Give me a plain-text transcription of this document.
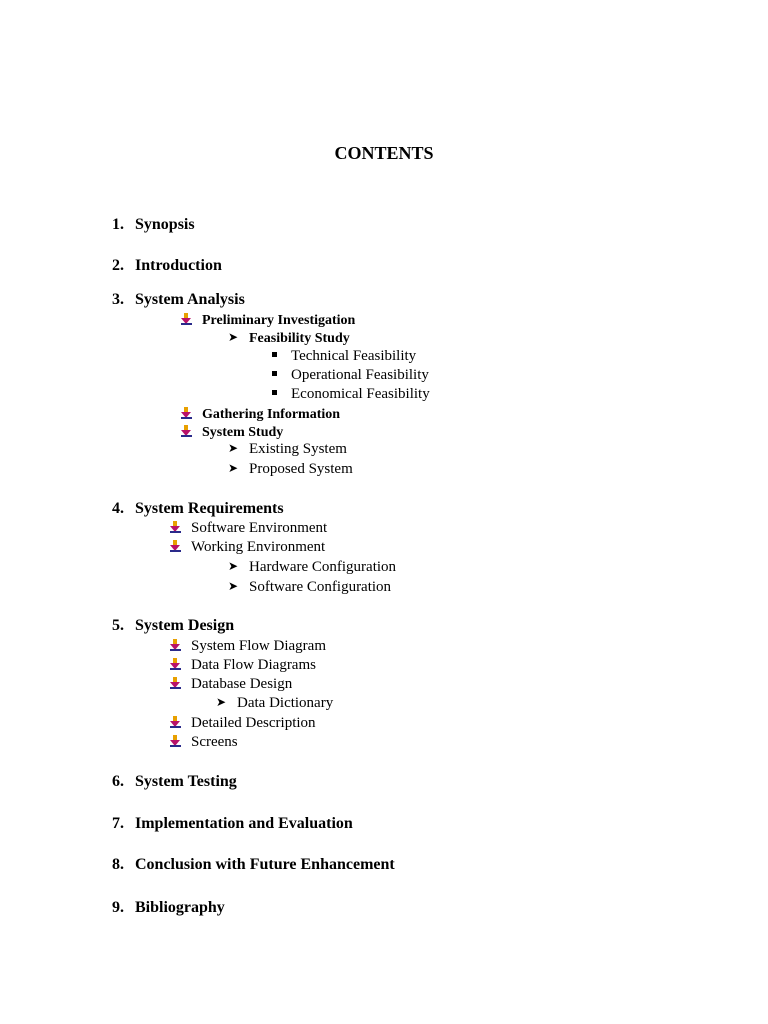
CONTENTS
1. Synopsis
2. Introduction
3. System Analysis
Preliminary Investigation
➤ Feasibility Study
Technical Feasibility
Operational Feasibility
Economical Feasibility
Gathering Information
System Study
➤ Existing System
➤ Proposed System
4. System Requirements
Software Environment
Working Environment
➤ Hardware Configuration
➤ Software Configuration
5. System Design
System Flow Diagram
Data Flow Diagrams
Database Design
➤ Data Dictionary
Detailed Description
Screens
6. System Testing
7. Implementation and Evaluation
8. Conclusion with Future Enhancement
9. Bibliography
